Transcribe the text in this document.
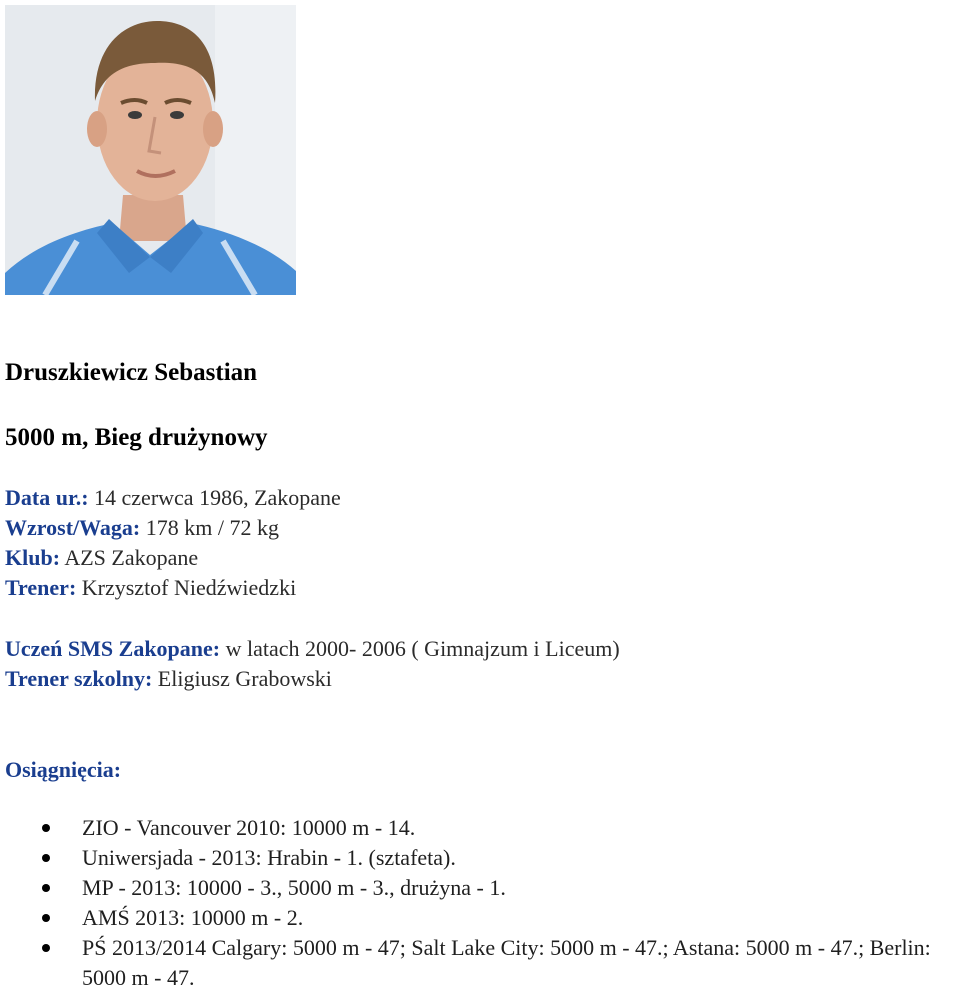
Druszkiewicz Sebastian
5000 m, Bieg drużynowy
Data ur.: 14 czerwca 1986, Zakopane
Wzrost/Waga: 178 km / 72 kg
Klub: AZS Zakopane
Trener: Krzysztof Niedźwiedzki
Uczeń SMS Zakopane: w latach 2000- 2006 ( Gimnajzum i Liceum)
Trener szkolny: Eligiusz Grabowski
Osiągnięcia:
ZIO - Vancouver 2010: 10000 m - 14.
Uniwersjada - 2013: Hrabin - 1. (sztafeta).
MP - 2013: 10000 - 3., 5000 m - 3., drużyna - 1.
AMŚ 2013: 10000 m - 2.
PŚ 2013/2014 Calgary: 5000 m - 47; Salt Lake City: 5000 m - 47.; Astana: 5000 m - 47.; Berlin: 5000 m - 47.
